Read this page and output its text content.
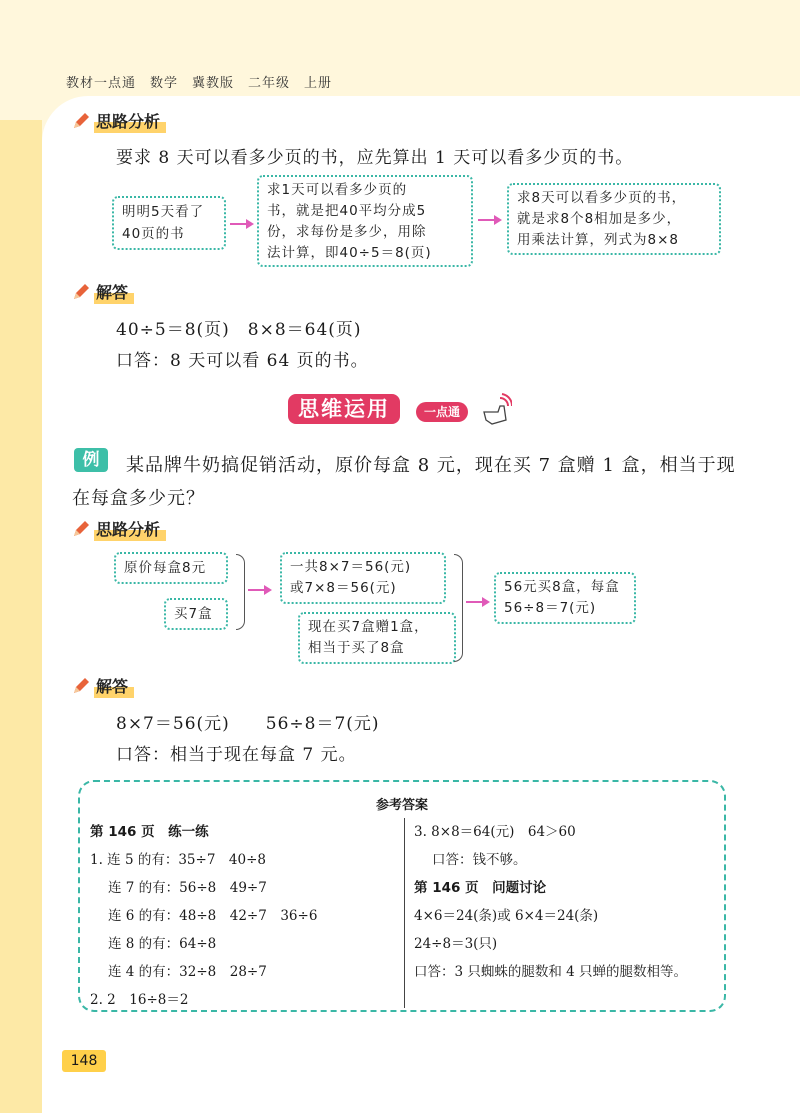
教材一点通　数学　冀教版　二年级　上册
思路分析
要求 8 天可以看多少页的书，应先算出 1 天可以看多少页的书。
明明5天看了
40页的书
求1天可以看多少页的
书，就是把40平均分成5
份，求每份是多少，用除
法计算，即40÷5＝8(页)
求8天可以看多少页的书，
就是求8个8相加是多少，
用乘法计算，列式为8×8
解答
40÷5＝8(页)　8×8＝64(页)
口答：8 天可以看 64 页的书。
思维运用	一点通
例	某品牌牛奶搞促销活动，原价每盒 8 元，现在买 7 盒赠 1 盒，相当于现
在每盒多少元？
思路分析
原价每盒8元
买7盒
一共8×7＝56(元)
或7×8＝56(元)
现在买7盒赠1盒，
相当于买了8盒
56元买8盒，每盒
56÷8＝7(元)
解答
8×7＝56(元)　　56÷8＝7(元)
口答：相当于现在每盒 7 元。
参考答案
第 146 页　练一练
1. 连 5 的有：35÷7　40÷8
连 7 的有：56÷8　49÷7
连 6 的有：48÷8　42÷7　36÷6
连 8 的有：64÷8
连 4 的有：32÷8　28÷7
2. 2　16÷8＝2
3. 8×8＝64(元)　64＞60
口答：钱不够。
第 146 页　问题讨论
4×6＝24(条)或 6×4＝24(条)
24÷8＝3(只)
口答：3 只蜘蛛的腿数和 4 只蝉的腿数相等。
148
